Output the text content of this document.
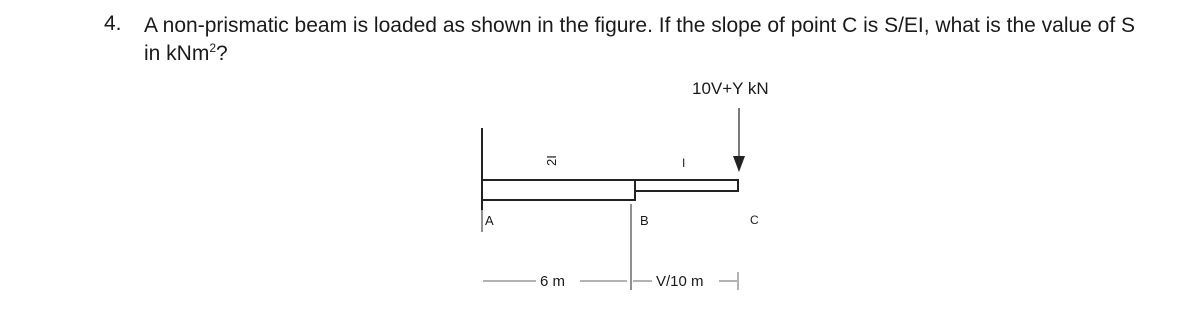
4. A non-prismatic beam is loaded as shown in the figure. If the slope of point C is S/EI, what is the value of S
in kNm$^2$?
10V+Y kN
2I	I
A	B	C
6 m	V/10 m
